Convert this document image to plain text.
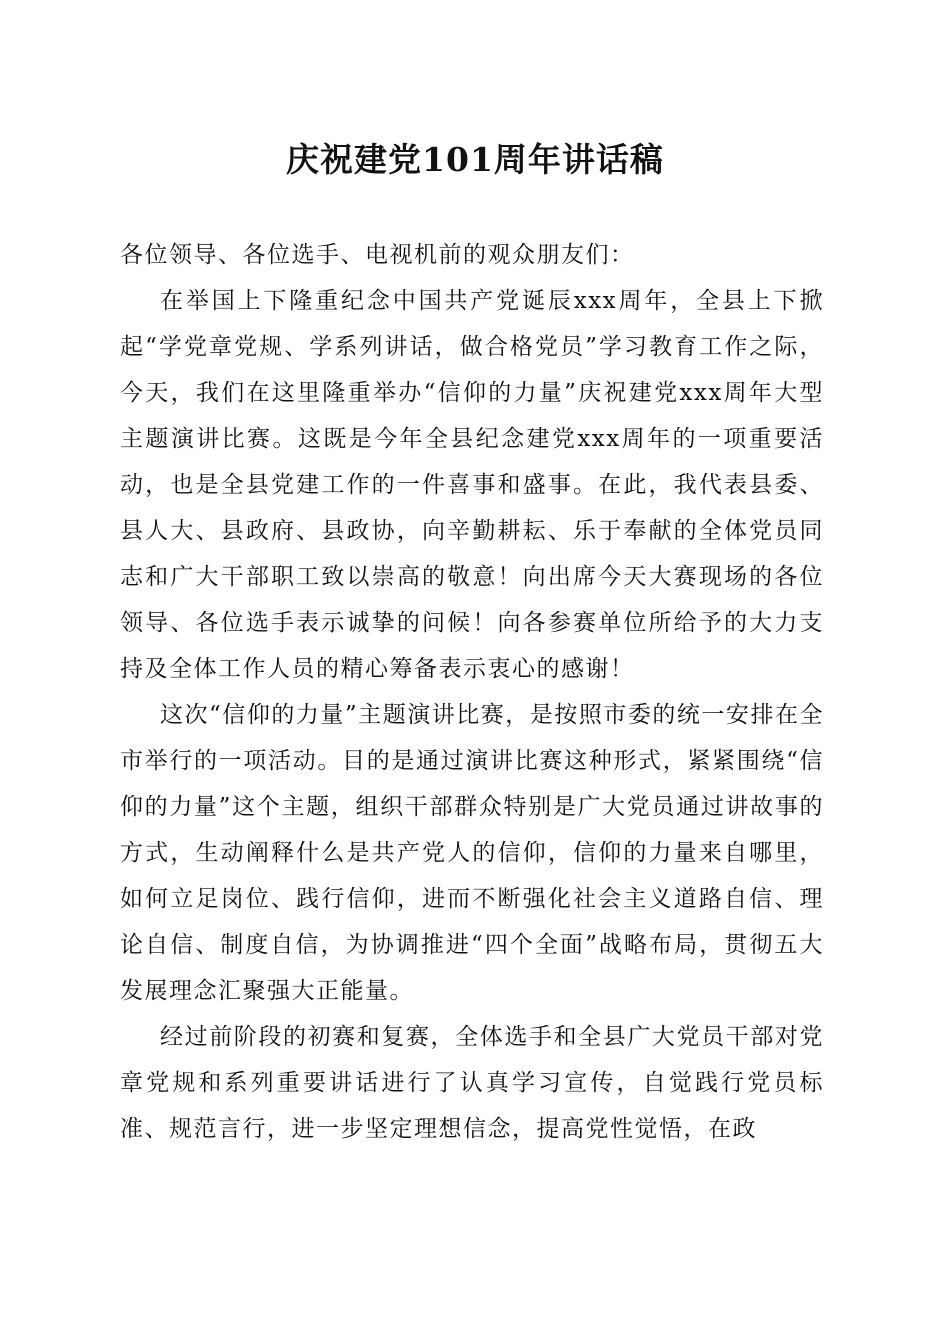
庆祝建党101周年讲话稿

各位领导、各位选手、电视机前的观众朋友们：

在举国上下隆重纪念中国共产党诞辰xxx周年，全县上下掀起“学党章党规、学系列讲话，做合格党员”学习教育工作之际，今天，我们在这里隆重举办“信仰的力量”庆祝建党xxx周年大型主题演讲比赛。这既是今年全县纪念建党xxx周年的一项重要活动，也是全县党建工作的一件喜事和盛事。在此，我代表县委、县人大、县政府、县政协，向辛勤耕耘、乐于奉献的全体党员同志和广大干部职工致以崇高的敬意！向出席今天大赛现场的各位领导、各位选手表示诚挚的问候！向各参赛单位所给予的大力支持及全体工作人员的精心筹备表示衷心的感谢！

这次“信仰的力量”主题演讲比赛，是按照市委的统一安排在全市举行的一项活动。目的是通过演讲比赛这种形式，紧紧围绕“信仰的力量”这个主题，组织干部群众特别是广大党员通过讲故事的方式，生动阐释什么是共产党人的信仰，信仰的力量来自哪里，如何立足岗位、践行信仰，进而不断强化社会主义道路自信、理论自信、制度自信，为协调推进“四个全面”战略布局，贯彻五大发展理念汇聚强大正能量。

经过前阶段的初赛和复赛，全体选手和全县广大党员干部对党章党规和系列重要讲话进行了认真学习宣传，自觉践行党员标准、规范言行，进一步坚定理想信念，提高党性觉悟，在政
